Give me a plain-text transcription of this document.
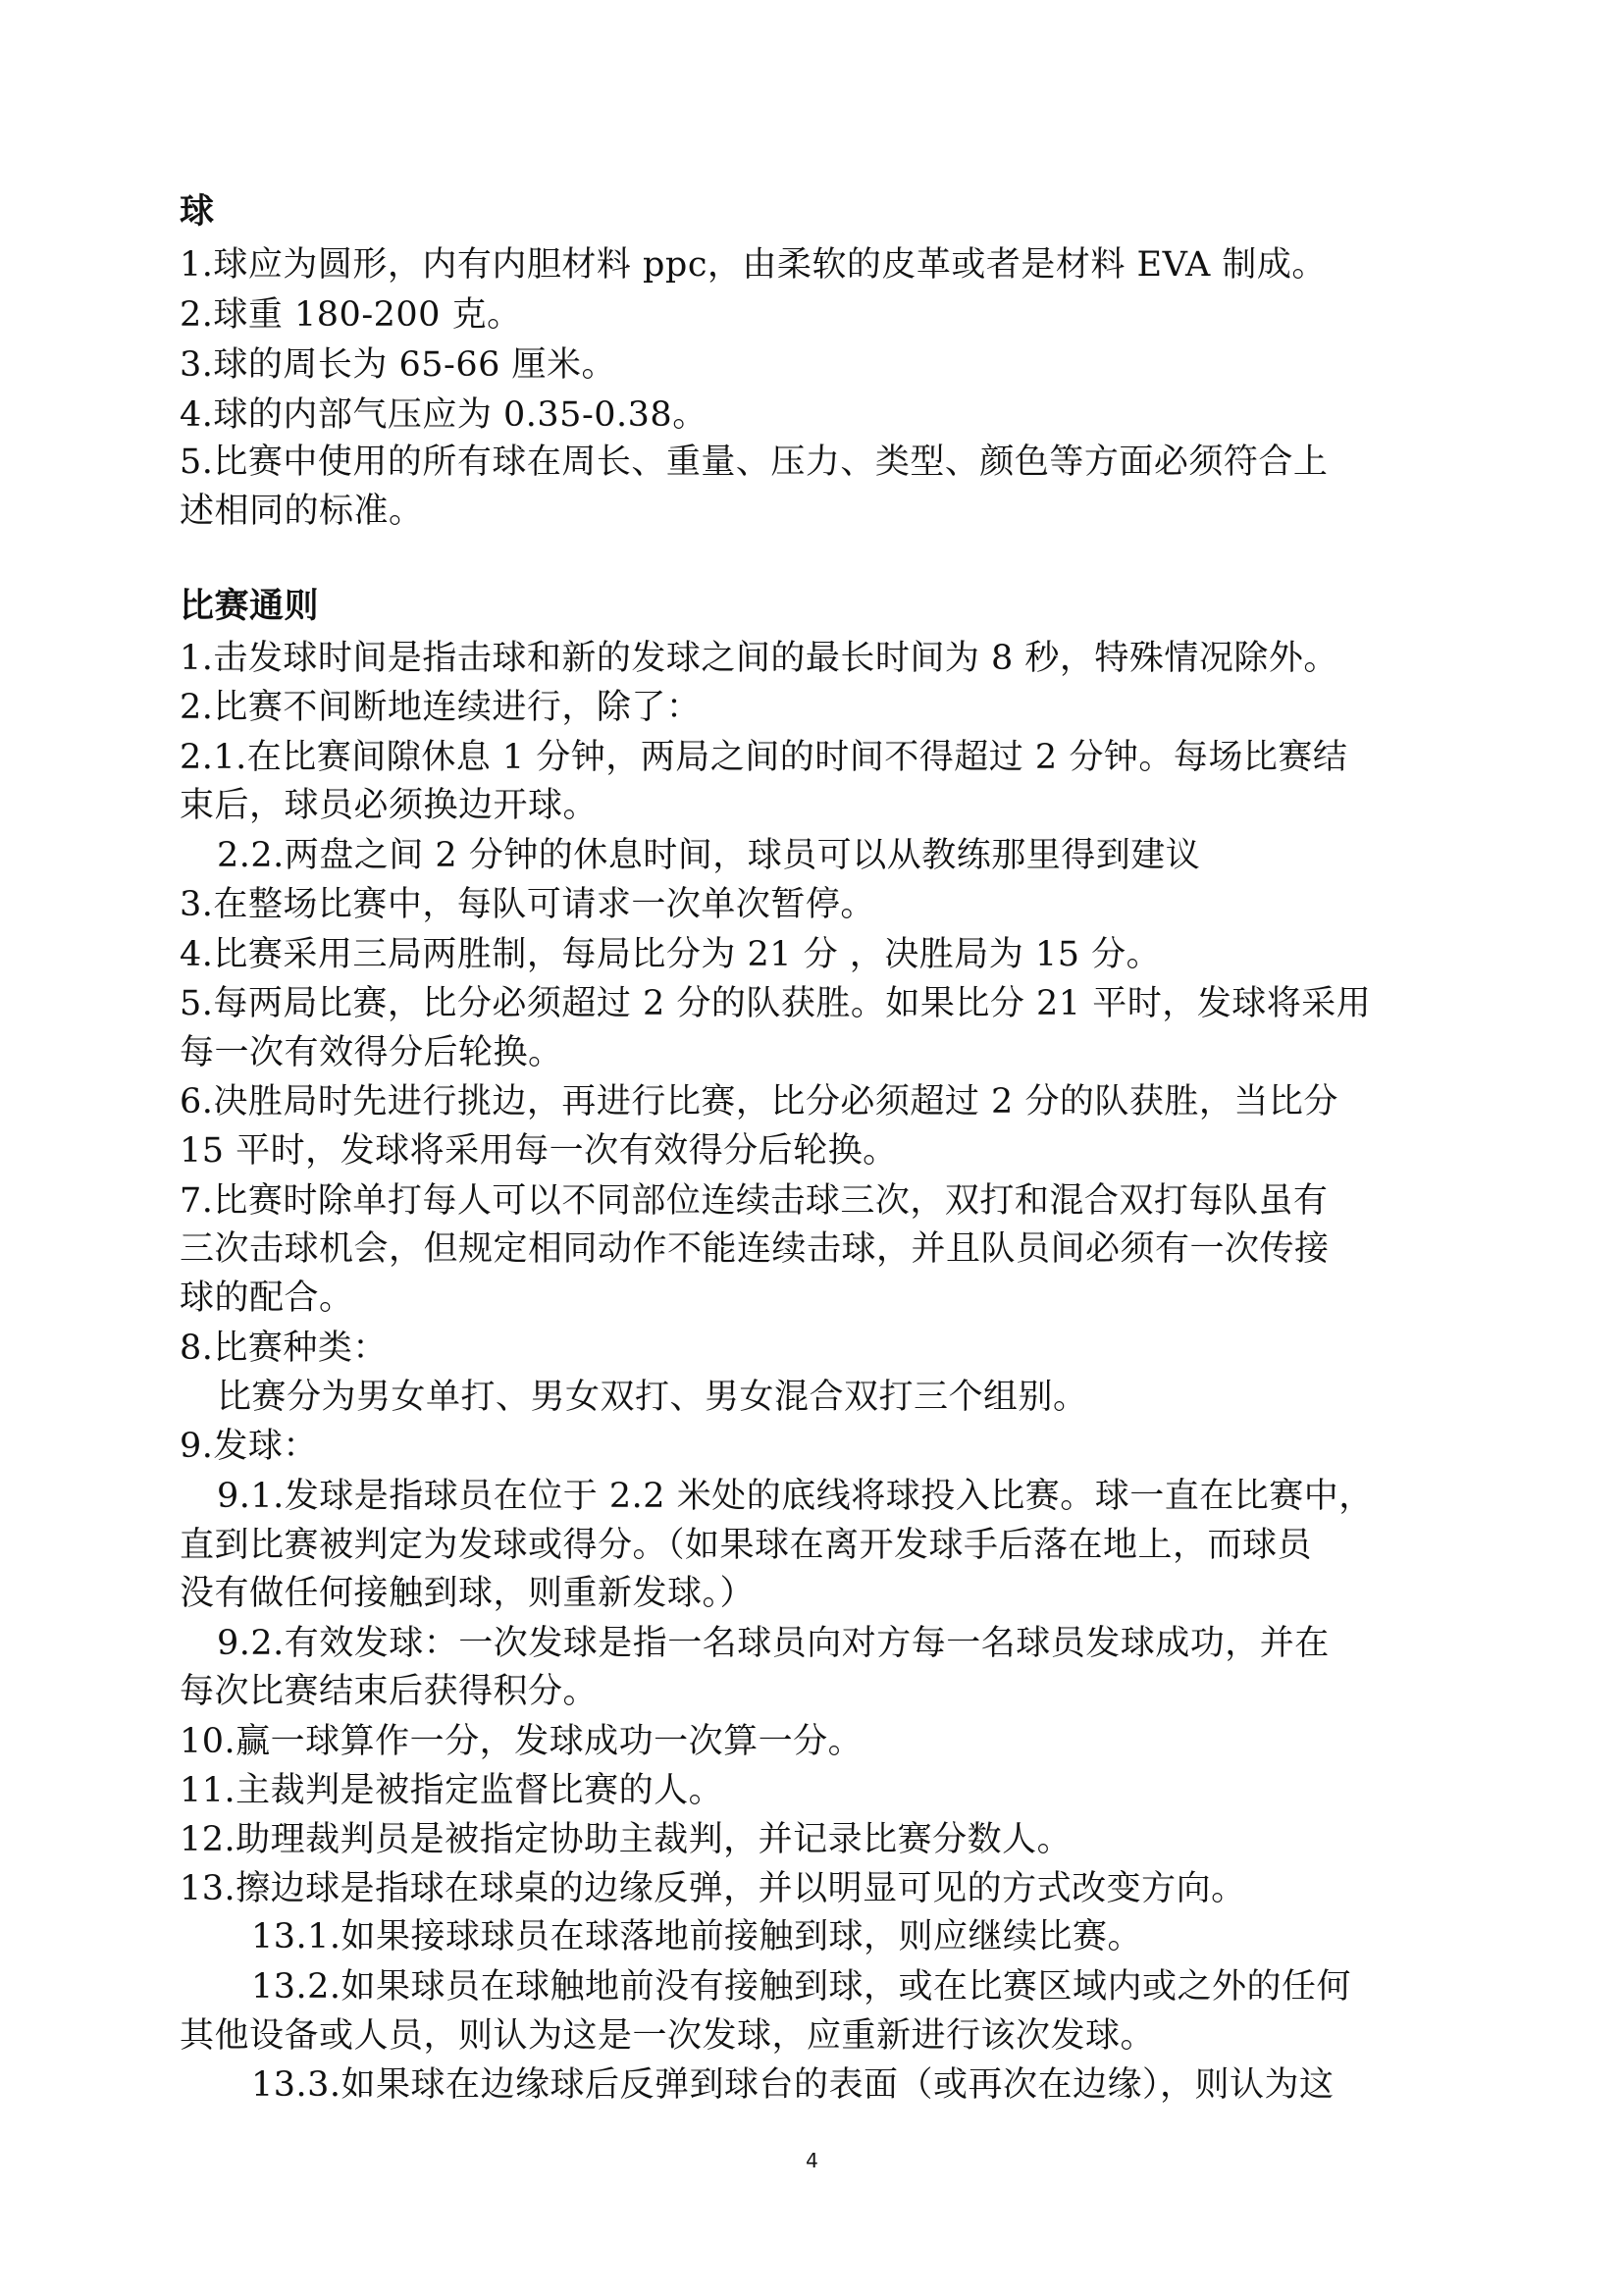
球
1.球应为圆形，内有内胆材料 ppc，由柔软的皮革或者是材料 EVA 制成。
2.球重 180-200 克。
3.球的周长为 65-66 厘米。
4.球的内部气压应为 0.35-0.38。
5.比赛中使用的所有球在周长、重量、压力、类型、颜色等方面必须符合上
述相同的标准。
比赛通则
1.击发球时间是指击球和新的发球之间的最长时间为 8 秒，特殊情况除外。
2.比赛不间断地连续进行，除了：
2.1.在比赛间隙休息 1 分钟，两局之间的时间不得超过 2 分钟。每场比赛结
束后，球员必须换边开球。
2.2.两盘之间 2 分钟的休息时间，球员可以从教练那里得到建议
3.在整场比赛中，每队可请求一次单次暂停。
4.比赛采用三局两胜制，每局比分为 21 分 ，决胜局为 15 分。
5.每两局比赛，比分必须超过 2 分的队获胜。如果比分 21 平时，发球将采用
每一次有效得分后轮换。
6.决胜局时先进行挑边，再进行比赛，比分必须超过 2 分的队获胜，当比分
15 平时，发球将采用每一次有效得分后轮换。
7.比赛时除单打每人可以不同部位连续击球三次，双打和混合双打每队虽有
三次击球机会，但规定相同动作不能连续击球，并且队员间必须有一次传接
球的配合。
8.比赛种类：
比赛分为男女单打、男女双打、男女混合双打三个组别。
9.发球：
9.1.发球是指球员在位于 2.2 米处的底线将球投入比赛。球一直在比赛中，
直到比赛被判定为发球或得分。（如果球在离开发球手后落在地上，而球员
没有做任何接触到球，则重新发球。）
9.2.有效发球：一次发球是指一名球员向对方每一名球员发球成功，并在
每次比赛结束后获得积分。
10.赢一球算作一分，发球成功一次算一分。
11.主裁判是被指定监督比赛的人。
12.助理裁判员是被指定协助主裁判，并记录比赛分数人。
13.擦边球是指球在球桌的边缘反弹，并以明显可见的方式改变方向。
13.1.如果接球球员在球落地前接触到球，则应继续比赛。
13.2.如果球员在球触地前没有接触到球，或在比赛区域内或之外的任何
其他设备或人员，则认为这是一次发球，应重新进行该次发球。
13.3.如果球在边缘球后反弹到球台的表面（或再次在边缘），则认为这
4
